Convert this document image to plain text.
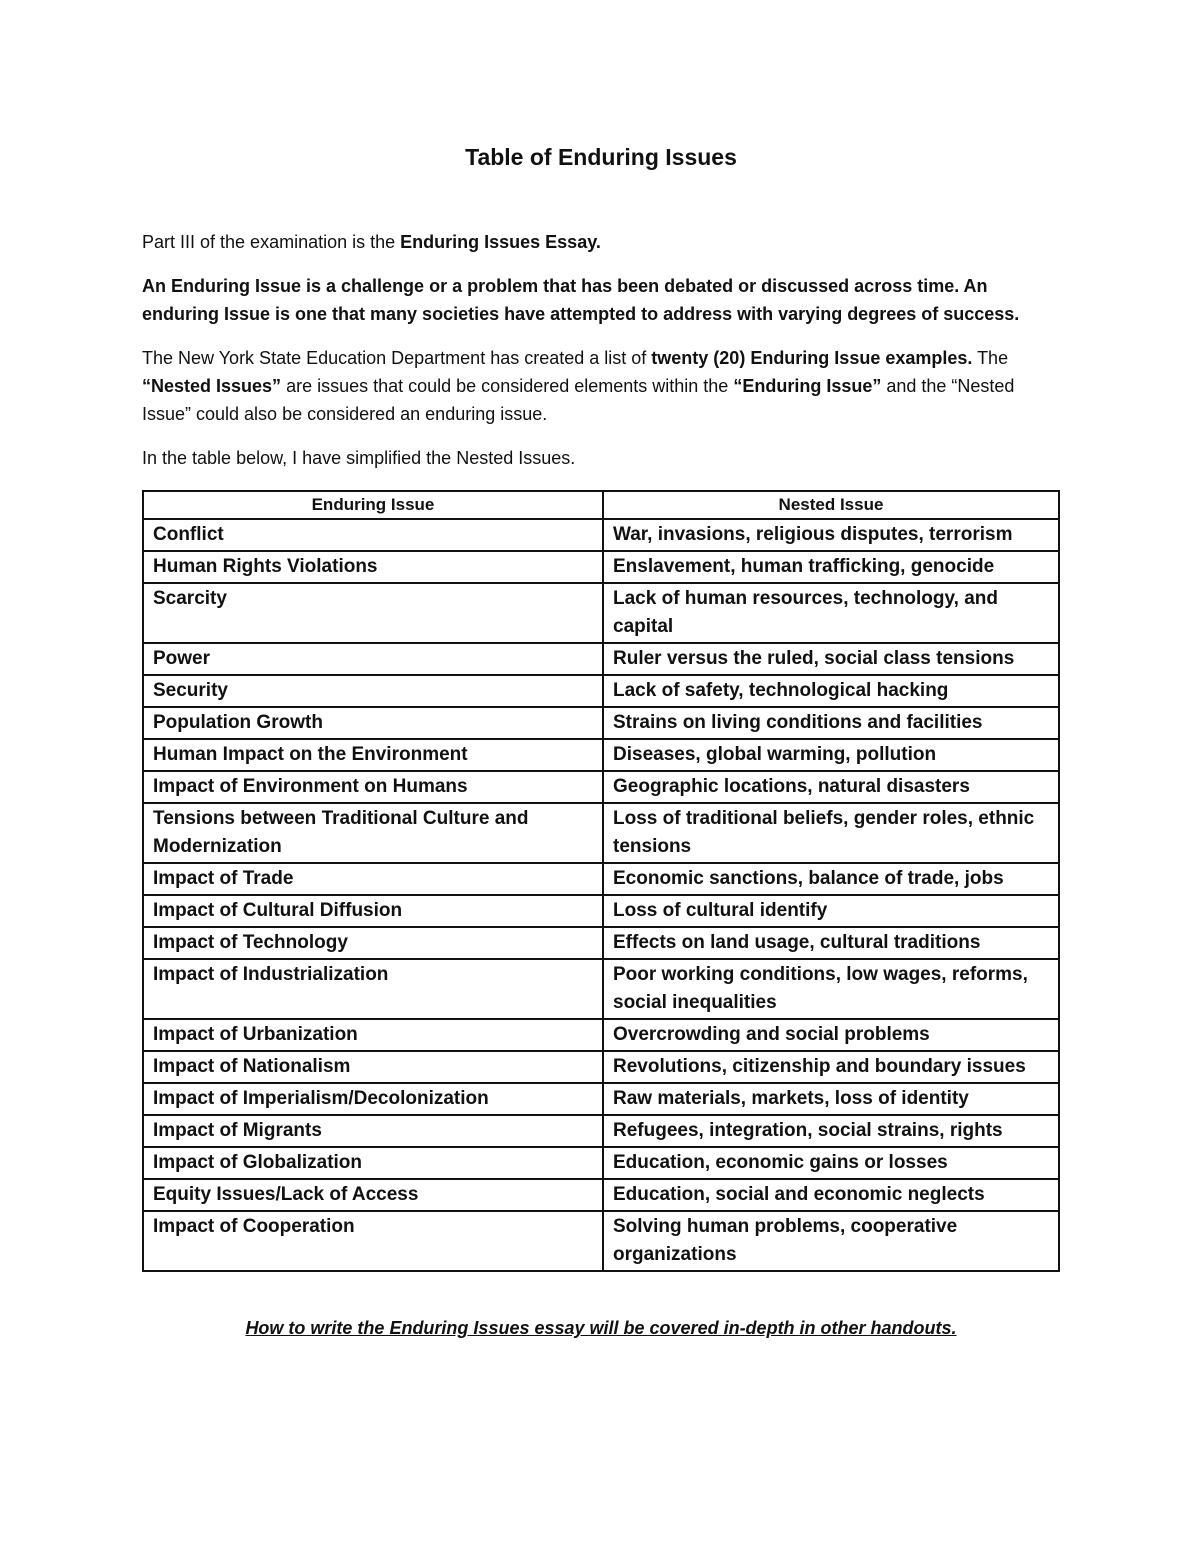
Table of Enduring Issues

Part III of the examination is the Enduring Issues Essay.

An Enduring Issue is a challenge or a problem that has been debated or discussed across time. An enduring Issue is one that many societies have attempted to address with varying degrees of success.

The New York State Education Department has created a list of twenty (20) Enduring Issue examples. The “Nested Issues” are issues that could be considered elements within the “Enduring Issue” and the “Nested Issue” could also be considered an enduring issue.

In the table below, I have simplified the Nested Issues.

Enduring Issue	Nested Issue
Conflict	War, invasions, religious disputes, terrorism
Human Rights Violations	Enslavement, human trafficking, genocide
Scarcity	Lack of human resources, technology, and capital
Power	Ruler versus the ruled, social class tensions
Security	Lack of safety, technological hacking
Population Growth	Strains on living conditions and facilities
Human Impact on the Environment	Diseases, global warming, pollution
Impact of Environment on Humans	Geographic locations, natural disasters
Tensions between Traditional Culture and Modernization	Loss of traditional beliefs, gender roles, ethnic tensions
Impact of Trade	Economic sanctions, balance of trade, jobs
Impact of Cultural Diffusion	Loss of cultural identify
Impact of Technology	Effects on land usage, cultural traditions
Impact of Industrialization	Poor working conditions, low wages, reforms, social inequalities
Impact of Urbanization	Overcrowding and social problems
Impact of Nationalism	Revolutions, citizenship and boundary issues
Impact of Imperialism/Decolonization	Raw materials, markets, loss of identity
Impact of Migrants	Refugees, integration, social strains, rights
Impact of Globalization	Education, economic gains or losses
Equity Issues/Lack of Access	Education, social and economic neglects
Impact of Cooperation	Solving human problems, cooperative organizations

How to write the Enduring Issues essay will be covered in-depth in other handouts.
